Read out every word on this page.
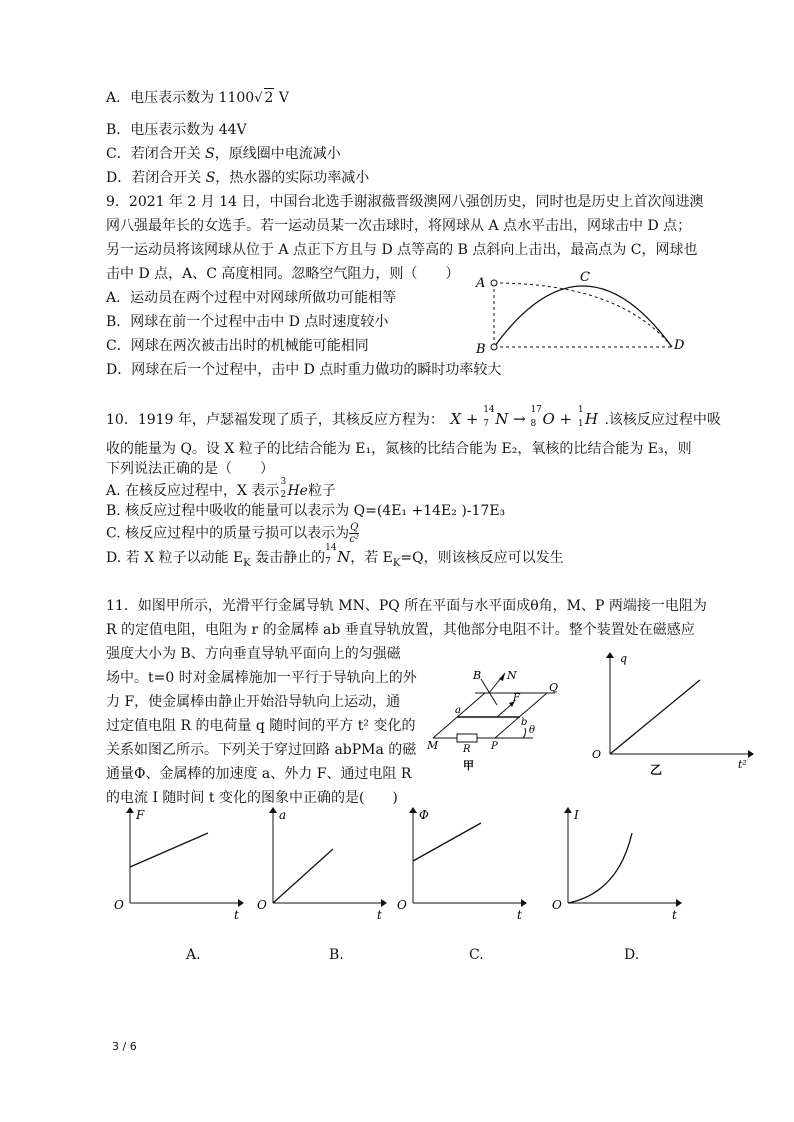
A．电压表示数为 1100√ 2 V
B．电压表示数为 44V
C．若闭合开关 S，原线圈中电流减小
D．若闭合开关 S，热水器的实际功率减小
9．2021 年 2 月 14 日，中国台北选手谢淑薇晋级澳网八强创历史，同时也是历史上首次闯进澳
网八强最年长的女选手。若一运动员某一次击球时，将网球从 A 点水平击出，网球击中 D 点；
另一运动员将该网球从位于 A 点正下方且与 D 点等高的 B 点斜向上击出，最高点为 C，网球也
击中 D 点，A、C 高度相同。忽略空气阻力，则（　　）
A．运动员在两个过程中对网球所做功可能相等
B．网球在前一个过程中击中 D 点时速度较小
C．网球在两次被击出时的机械能可能相同
D．网球在后一个过程中，击中 D 点时重力做功的瞬时功率较大
A
B
C
D
10．1919 年，卢瑟福发现了质子，其核反应方程为： X + 14
7 N → 17
8 O + 1
1 H .该核反应过程中吸
收的能量为 Q。设 X 粒子的比结合能为 E₁，氮核的比结合能为 E₂，氧核的比结合能为 E₃，则
下列说法正确的是（　　）
A. 在核反应过程中，X 表示
3
2 He粒子
B. 核反应过程中吸收的能量可以表示为 Q=(4E₁ +14E₂ )-17E₃
C. 核反应过程中的质量亏损可以表示为 $\frac{Q}{\text{c²}}$
D. 若 X 粒子以动能 $E_K$ 轰击静止的
14
7 N，若 $E_K=Q$，则该核反应可以发生
11．如图甲所示，光滑平行金属导轨 MN、PQ 所在平面与水平面成θ角，M、P 两端接一电阻为
R 的定值电阻，电阻为 r 的金属棒 ab 垂直导轨放置，其他部分电阻不计。整个装置处在磁感应
强度大小为 B、方向垂直导轨平面向上的匀强磁
场中。t=0 时对金属棒施加一平行于导轨向上的外
力 F，使金属棒由静止开始沿导轨向上运动，通
过定值电阻 R 的电荷量 q 随时间的平方 t² 变化的
关系如图乙所示。下列关于穿过回路 abPMa 的磁
通量Φ、金属棒的加速度 a、外力 F、通过电阻 R
B N
Q
F
a
b
M R P
θ
甲
q
O
t²
乙
F
O
t
A.
a
O
t
B.
Φ
O
t
C.
I
O
t
D.
3 / 6
的电流 I 随时间 t 变化的图象中正确的是(　　)
